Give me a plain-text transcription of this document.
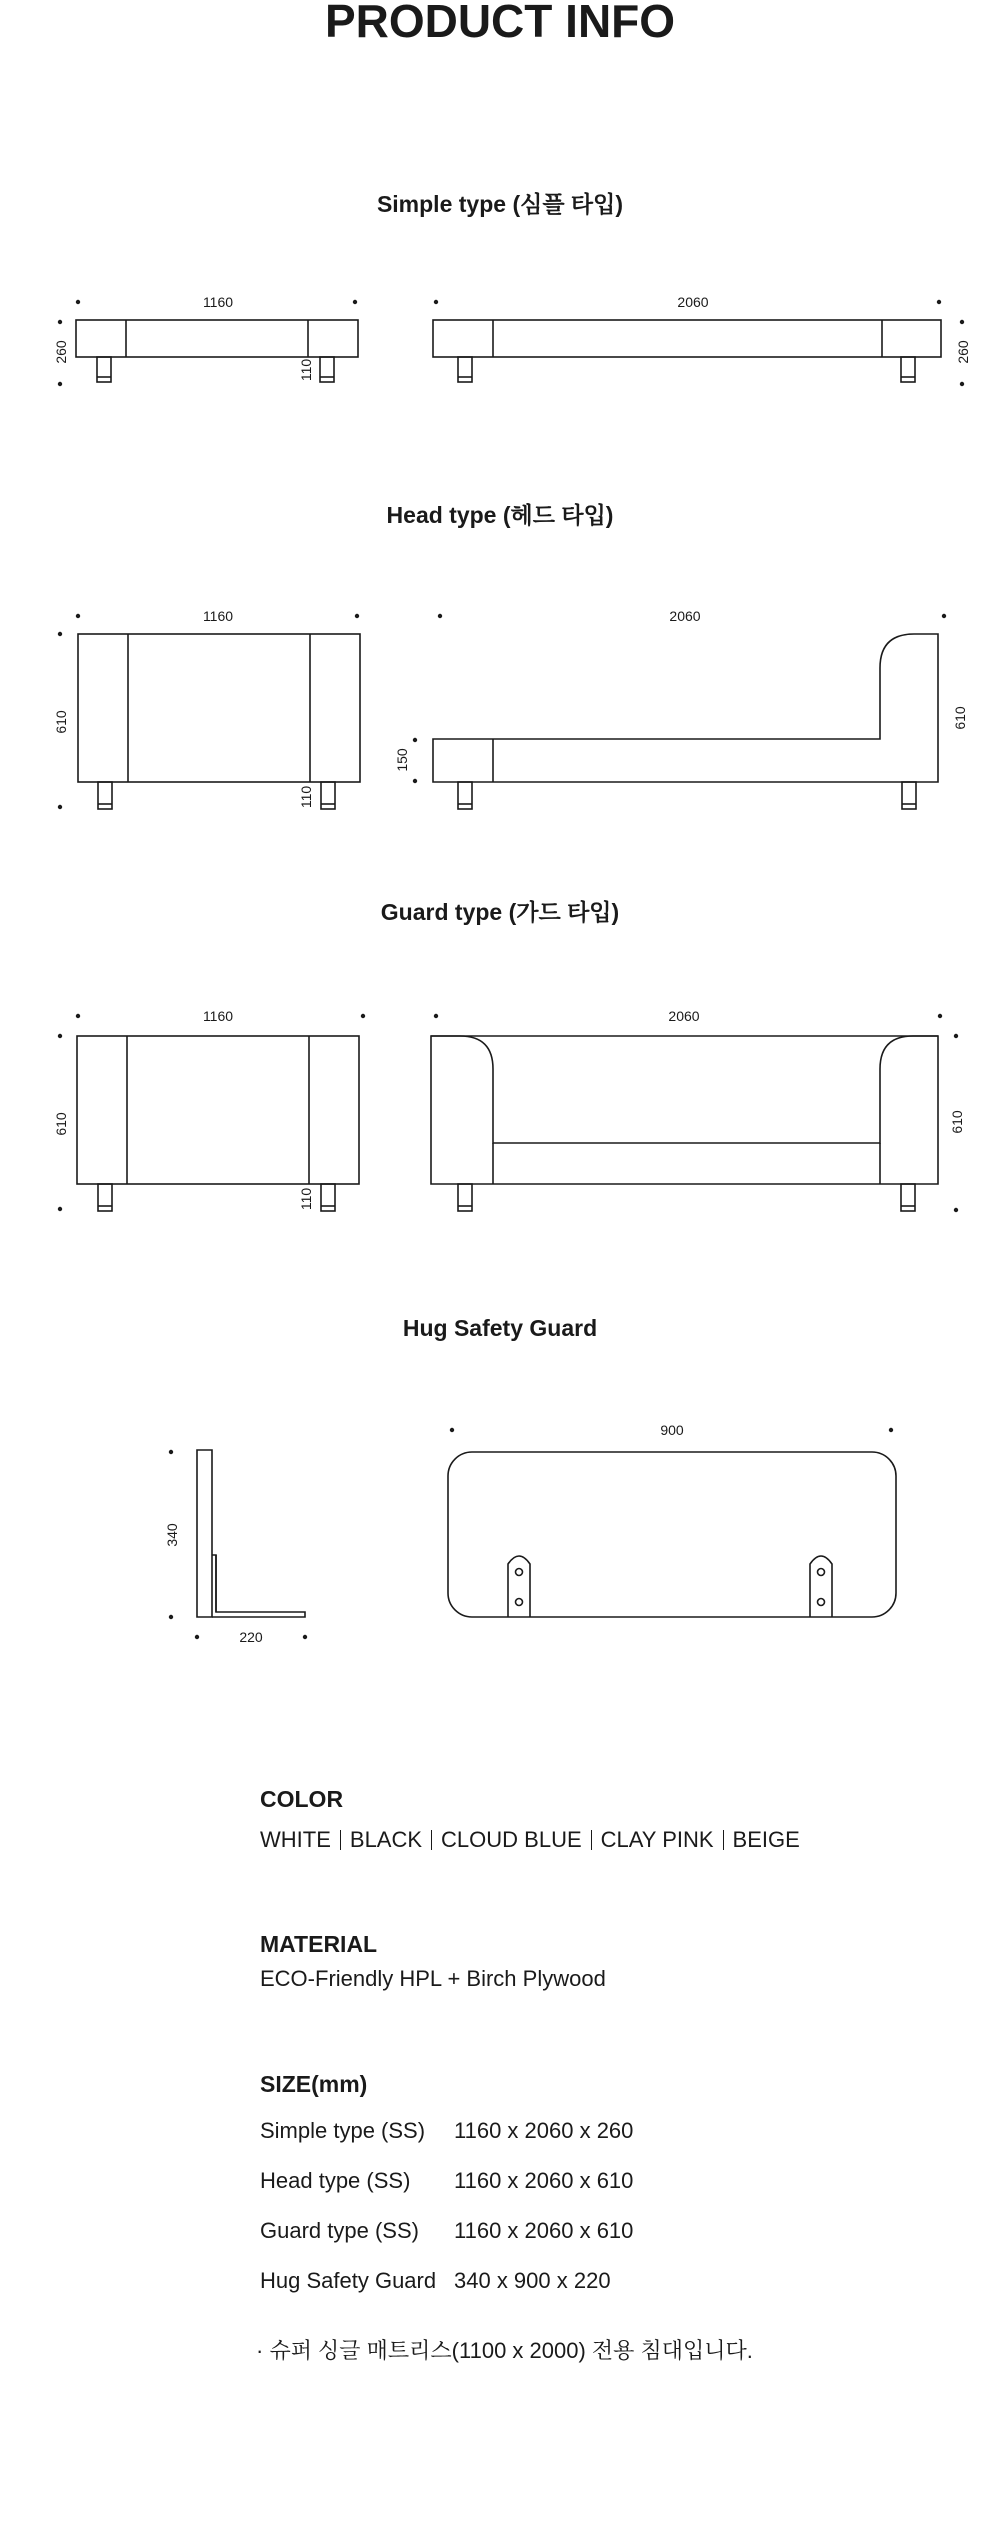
PRODUCT INFO
Simple type (심플 타입)
1160
260
110
2060
260
Head type (헤드 타입)
1160
610
110
2060
150
610
Guard type (가드 타입)
1160
610
110
2060
610
Hug Safety Guard
340
220
900

COLOR

WHITE BLACK CLOUD BLUE CLAY PINK BEIGE

MATERIAL

ECO-Friendly HPL + Birch Plywood

SIZE(mm)

Simple type (SS) 1160 x 2060 x 260
Head type (SS) 1160 x 2060 x 610
Guard type (SS) 1160 x 2060 x 610
Hug Safety Guard 340 x 900 x 220

· 슈퍼 싱글 매트리스(1100 x 2000) 전용 침대입니다.
